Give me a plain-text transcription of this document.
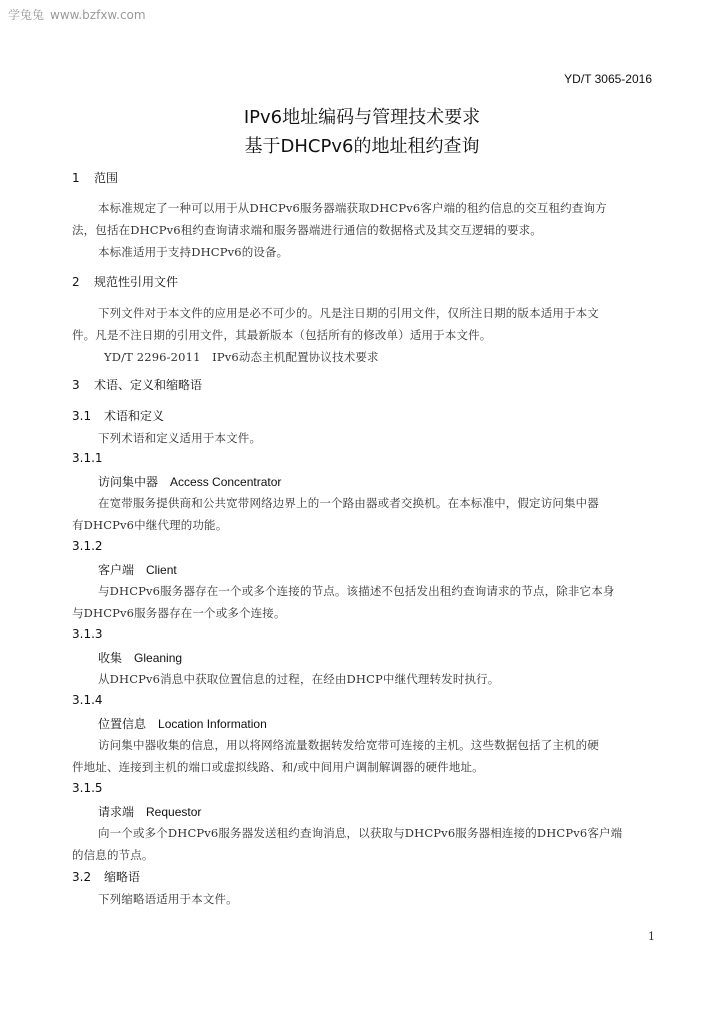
学兔兔 www.bzfxw.com
YD/T 3065-2016
IPv6地址编码与管理技术要求
基于DHCPv6的地址租约查询
1 范围
本标准规定了一种可以用于从DHCPv6服务器端获取DHCPv6客户端的租约信息的交互租约查询方
法，包括在DHCPv6租约查询请求端和服务器端进行通信的数据格式及其交互逻辑的要求。
本标准适用于支持DHCPv6的设备。
2 规范性引用文件
下列文件对于本文件的应用是必不可少的。凡是注日期的引用文件，仅所注日期的版本适用于本文
件。凡是不注日期的引用文件，其最新版本（包括所有的修改单）适用于本文件。
YD/T 2296-2011　IPv6动态主机配置协议技术要求
3 术语、定义和缩略语
3.1 术语和定义
下列术语和定义适用于本文件。
3.1.1
访问集中器 Access Concentrator
在宽带服务提供商和公共宽带网络边界上的一个路由器或者交换机。在本标准中，假定访问集中器
有DHCPv6中继代理的功能。
3.1.2
客户端 Client
与DHCPv6服务器存在一个或多个连接的节点。该描述不包括发出租约查询请求的节点，除非它本身
与DHCPv6服务器存在一个或多个连接。
3.1.3
收集 Gleaning
从DHCPv6消息中获取位置信息的过程，在经由DHCP中继代理转发时执行。
3.1.4
位置信息 Location Information
访问集中器收集的信息，用以将网络流量数据转发给宽带可连接的主机。这些数据包括了主机的硬
件地址、连接到主机的端口或虚拟线路、和/或中间用户调制解调器的硬件地址。
3.1.5
请求端 Requestor
向一个或多个DHCPv6服务器发送租约查询消息，以获取与DHCPv6服务器相连接的DHCPv6客户端
的信息的节点。
3.2 缩略语
下列缩略语适用于本文件。
1
